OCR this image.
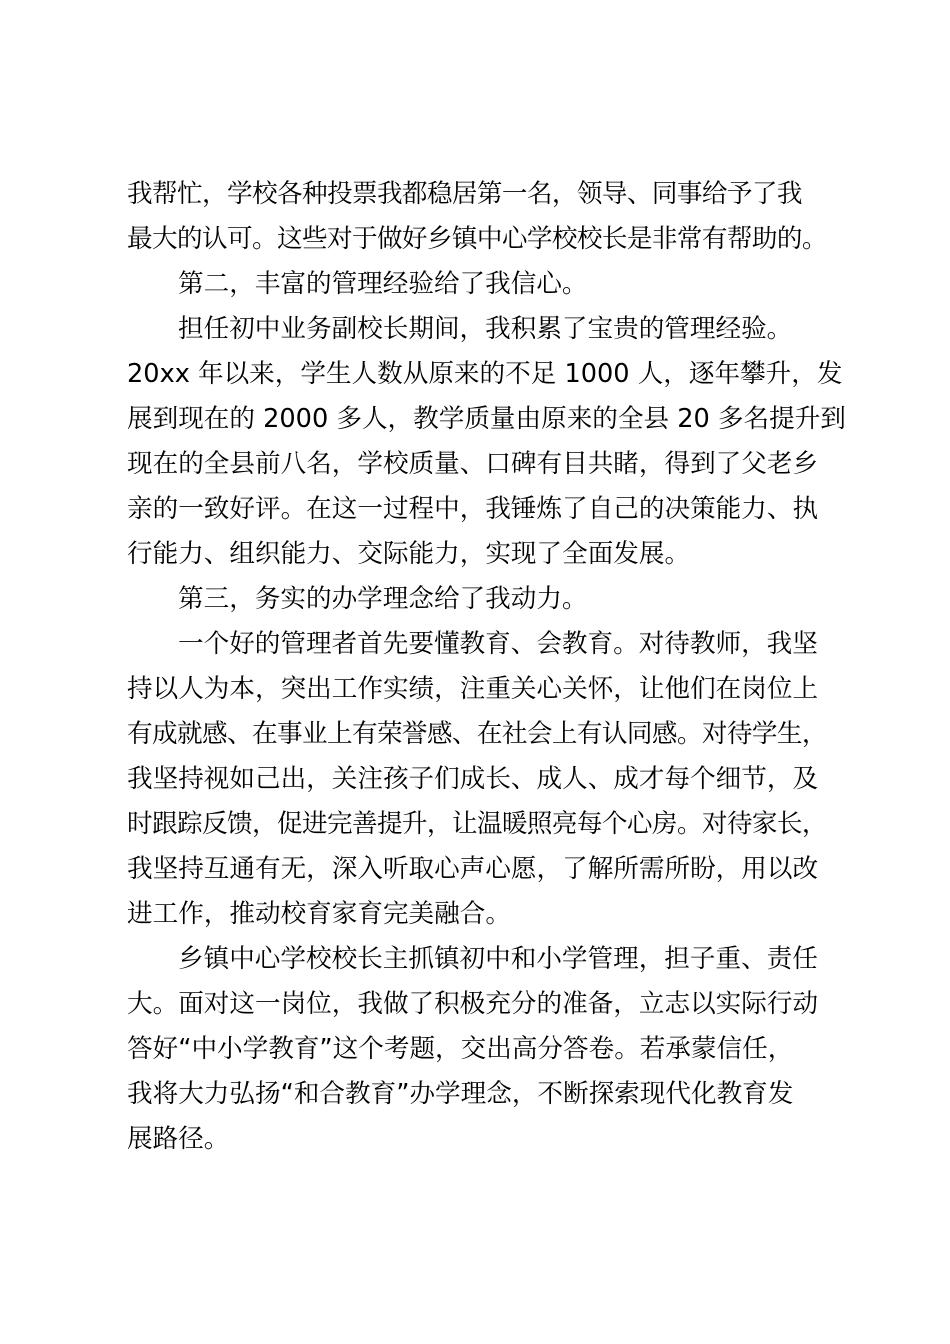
我帮忙，学校各种投票我都稳居第一名，领导、同事给予了我
最大的认可。这些对于做好乡镇中心学校校长是非常有帮助的。
第二，丰富的管理经验给了我信心。
担任初中业务副校长期间，我积累了宝贵的管理经验。
20xx 年以来，学生人数从原来的不足 1000 人，逐年攀升，发
展到现在的 2000 多人，教学质量由原来的全县 20 多名提升到
现在的全县前八名，学校质量、口碑有目共睹，得到了父老乡
亲的一致好评。在这一过程中，我锤炼了自己的决策能力、执
行能力、组织能力、交际能力，实现了全面发展。
第三，务实的办学理念给了我动力。
一个好的管理者首先要懂教育、会教育。对待教师，我坚
持以人为本，突出工作实绩，注重关心关怀，让他们在岗位上
有成就感、在事业上有荣誉感、在社会上有认同感。对待学生，
我坚持视如己出，关注孩子们成长、成人、成才每个细节，及
时跟踪反馈，促进完善提升，让温暖照亮每个心房。对待家长，
我坚持互通有无，深入听取心声心愿，了解所需所盼，用以改
进工作，推动校育家育完美融合。
乡镇中心学校校长主抓镇初中和小学管理，担子重、责任
大。面对这一岗位，我做了积极充分的准备，立志以实际行动
答好“中小学教育”这个考题，交出高分答卷。若承蒙信任，
我将大力弘扬“和合教育”办学理念，不断探索现代化教育发
展路径。
